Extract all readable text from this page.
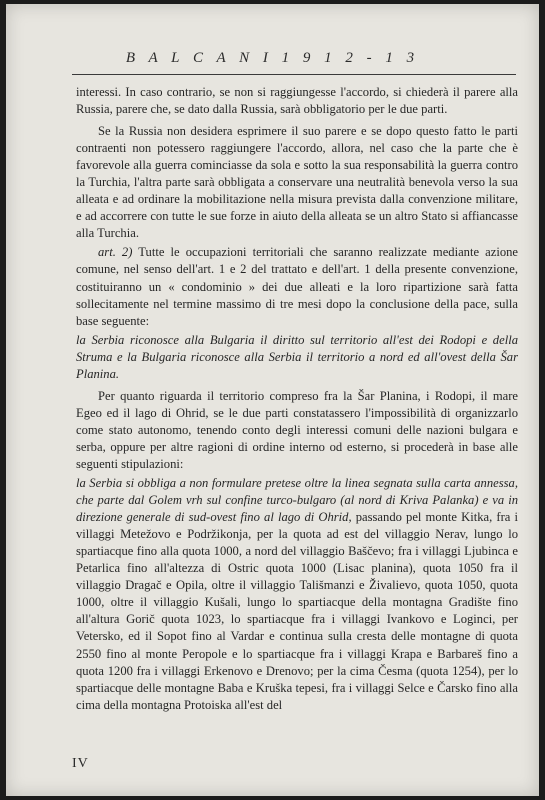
B A L C A N I 1 9 1 2 - 1 3

interessi. In caso contrario, se non si raggiungesse l'accordo, si chiederà il parere alla Russia, parere che, se dato dalla Russia, sarà obbligatorio per le due parti.

Se la Russia non desidera esprimere il suo parere e se dopo questo fatto le parti contraenti non potessero raggiungere l'accordo, allora, nel caso che la parte che è favorevole alla guerra cominciasse da sola e sotto la sua responsabilità la guerra contro la Turchia, l'altra parte sarà obbligata a conservare una neutralità benevola verso la sua alleata e ad ordinare la mobilitazione nella misura prevista dalla convenzione militare, e ad accorrere con tutte le sue forze in aiuto della alleata se un altro Stato si affiancasse alla Turchia.

art. 2) Tutte le occupazioni territoriali che saranno realizzate mediante azione comune, nel senso dell'art. 1 e 2 del trattato e dell'art. 1 della presente convenzione, costituiranno un « condominio » dei due alleati e la loro ripartizione sarà fatta sollecitamente nel termine massimo di tre mesi dopo la conclusione della pace, sulla base seguente:

la Serbia riconosce alla Bulgaria il diritto sul territorio all'est dei Rodopi e della Struma e la Bulgaria riconosce alla Serbia il territorio a nord ed all'ovest della Šar Planina.

Per quanto riguarda il territorio compreso fra la Šar Planina, i Rodopi, il mare Egeo ed il lago di Ohrid, se le due parti constatassero l'impossibilità di organizzarlo come stato autonomo, tenendo conto degli interessi comuni delle nazioni bulgara e serba, oppure per altre ragioni di ordine interno od esterno, si procederà in base alle seguenti stipulazioni:

la Serbia si obbliga a non formulare pretese oltre la linea segnata sulla carta annessa, che parte dal Golem vrh sul confine turco-bulgaro (al nord di Kriva Palanka) e va in direzione generale di sud-ovest fino al lago di Ohrid, passando pel monte Kitka, fra i villaggi Metežovo e Podržikonja, per la quota ad est del villaggio Nerav, lungo lo spartiacque fino alla quota 1000, a nord del villaggio Baščevo; fra i villaggi Ljubinca e Petarlica fino all'altezza di Ostric quota 1000 (Lisac planina), quota 1050 fra il villaggio Dragač e Opila, oltre il villaggio Tališmanzi e Živalievo, quota 1050, quota 1000, oltre il villaggio Kušali, lungo lo spartiacque della montagna Gradište fino all'altura Gorič quota 1023, lo spartiacque fra i villaggi Ivankovo e Loginci, per Vetersko, ed il Sopot fino al Vardar e continua sulla cresta delle montagne di quota 2550 fino al monte Peropole e lo spartiacque fra i villaggi Krapa e Barbareš fino a quota 1200 fra i villaggi Erkenovo e Drenovo; per la cima Česma (quota 1254), per lo spartiacque delle montagne Baba e Kruška tepesi, fra i villaggi Selce e Čarsko fino alla cima della montagna Protoiska all'est del

IV
